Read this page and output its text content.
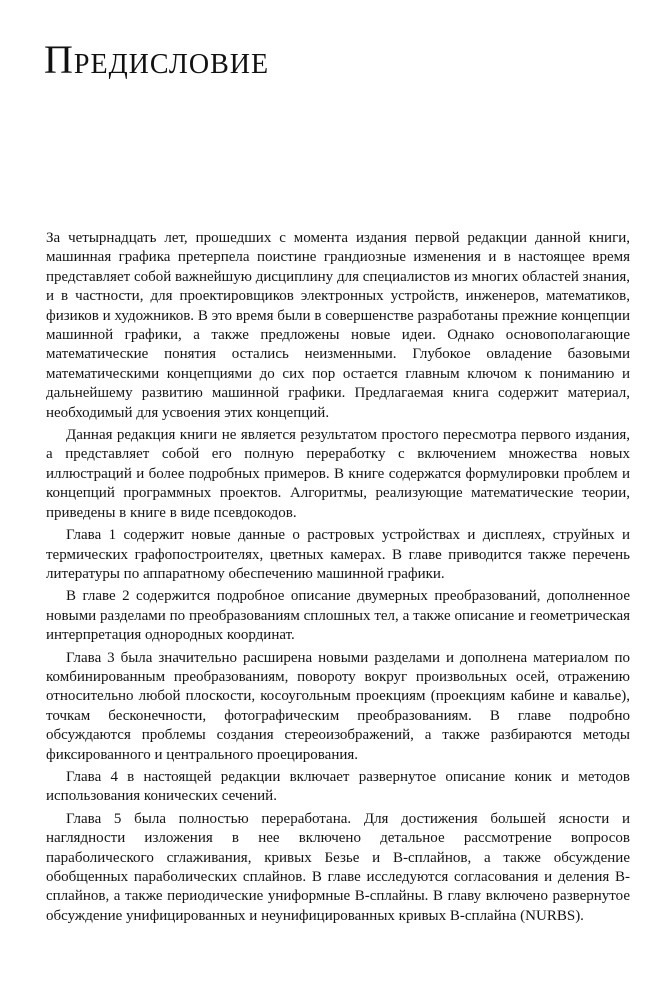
Предисловие

За четырнадцать лет, прошедших с момента издания первой редакции данной книги, машинная графика претерпела поистине грандиозные изменения и в настоящее время представляет собой важнейшую дисциплину для специалистов из многих областей знания, и в частности, для проектировщиков электронных устройств, инженеров, математиков, физиков и художников. В это время были в совершенстве разработаны прежние концепции машинной графики, а также предложены новые идеи. Однако основополагающие математические понятия остались неизменными. Глубокое овладение базовыми математическими концепциями до сих пор остается главным ключом к пониманию и дальнейшему развитию машинной графики. Предлагаемая книга содержит материал, необходимый для усвоения этих концепций.

Данная редакция книги не является результатом простого пересмотра первого издания, а представляет собой его полную переработку с включением множества новых иллюстраций и более подробных примеров. В книге содержатся формулировки проблем и концепций программных проектов. Алгоритмы, реализующие математические теории, приведены в книге в виде псевдокодов.

Глава 1 содержит новые данные о растровых устройствах и дисплеях, струйных и термических графопостроителях, цветных камерах. В главе приводится также перечень литературы по аппаратному обеспечению машинной графики.

В главе 2 содержится подробное описание двумерных преобразований, дополненное новыми разделами по преобразованиям сплошных тел, а также описание и геометрическая интерпретация однородных координат.

Глава 3 была значительно расширена новыми разделами и дополнена материалом по комбинированным преобразованиям, повороту вокруг произвольных осей, отражению относительно любой плоскости, косоугольным проекциям (проекциям кабине и кавалье), точкам бесконечности, фотографическим преобразованиям. В главе подробно обсуждаются проблемы создания стереоизображений, а также разбираются методы фиксированного и центрального проецирования.

Глава 4 в настоящей редакции включает развернутое описание коник и методов использования конических сечений.

Глава 5 была полностью переработана. Для достижения большей ясности и наглядности изложения в нее включено детальное рассмотрение вопросов параболического сглаживания, кривых Безье и B-сплайнов, а также обсуждение обобщенных параболических сплайнов. В главе исследуются согласования и деления B-сплайнов, а также периодические униформные B-сплайны. В главу включено развернутое обсуждение унифицированных и неунифицированных кривых B-сплайна (NURBS).
